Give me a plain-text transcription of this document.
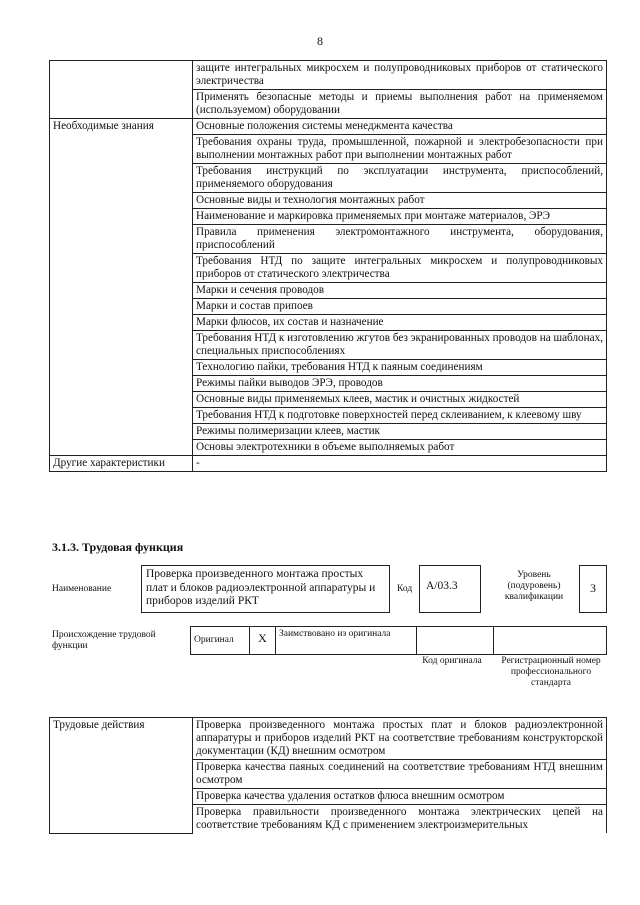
8
	защите интегральных микросхем и полупроводниковых приборов от статического электричества
	Применять безопасные методы и приемы выполнения работ на применяемом (используемом) оборудовании
Необходимые знания	Основные положения системы менеджмента качества
	Требования охраны труда, промышленной, пожарной и электробезопасности при выполнении монтажных работ при выполнении монтажных работ
	Требования инструкций по эксплуатации инструмента, приспособлений, применяемого оборудования
	Основные виды и технология монтажных работ
	Наименование и маркировка применяемых при монтаже материалов, ЭРЭ
	Правила применения электромонтажного инструмента, оборудования, приспособлений
	Требования НТД по защите интегральных микросхем и полупроводниковых приборов от статического электричества
	Марки и сечения проводов
	Марки и состав припоев
	Марки флюсов, их состав и назначение
	Требования НТД к изготовлению жгутов без экранированных проводов на шаблонах, специальных приспособлениях
	Технологию пайки, требования НТД к паяным соединениям
	Режимы пайки выводов ЭРЭ, проводов
	Основные виды применяемых клеев, мастик и очистных жидкостей
	Требования НТД к подготовке поверхностей перед склеиванием, к клеевому шву
	Режимы полимеризации клеев, мастик
	Основы электротехники в объеме выполняемых работ
Другие характеристики	-
3.1.3. Трудовая функция
Наименование
Проверка произведенного монтажа простых плат и блоков радиоэлектронной аппаратуры и приборов изделий РКТ
Код	A/03.3
Уровень (подуровень) квалификации
3
Происхождение трудовой функции
Оригинал	X	Заимствовано из оригинала
Код оригинала	Регистрационный номер профессионального стандарта
Трудовые действия	Проверка произведенного монтажа простых плат и блоков радиоэлектронной аппаратуры и приборов изделий РКТ на соответствие требованиям конструкторской документации (КД) внешним осмотром
Проверка качества паяных соединений на соответствие требованиям НТД внешним осмотром
Проверка качества удаления остатков флюса внешним осмотром
Проверка правильности произведенного монтажа электрических цепей на соответствие требованиям КД с применением электроизмерительных
